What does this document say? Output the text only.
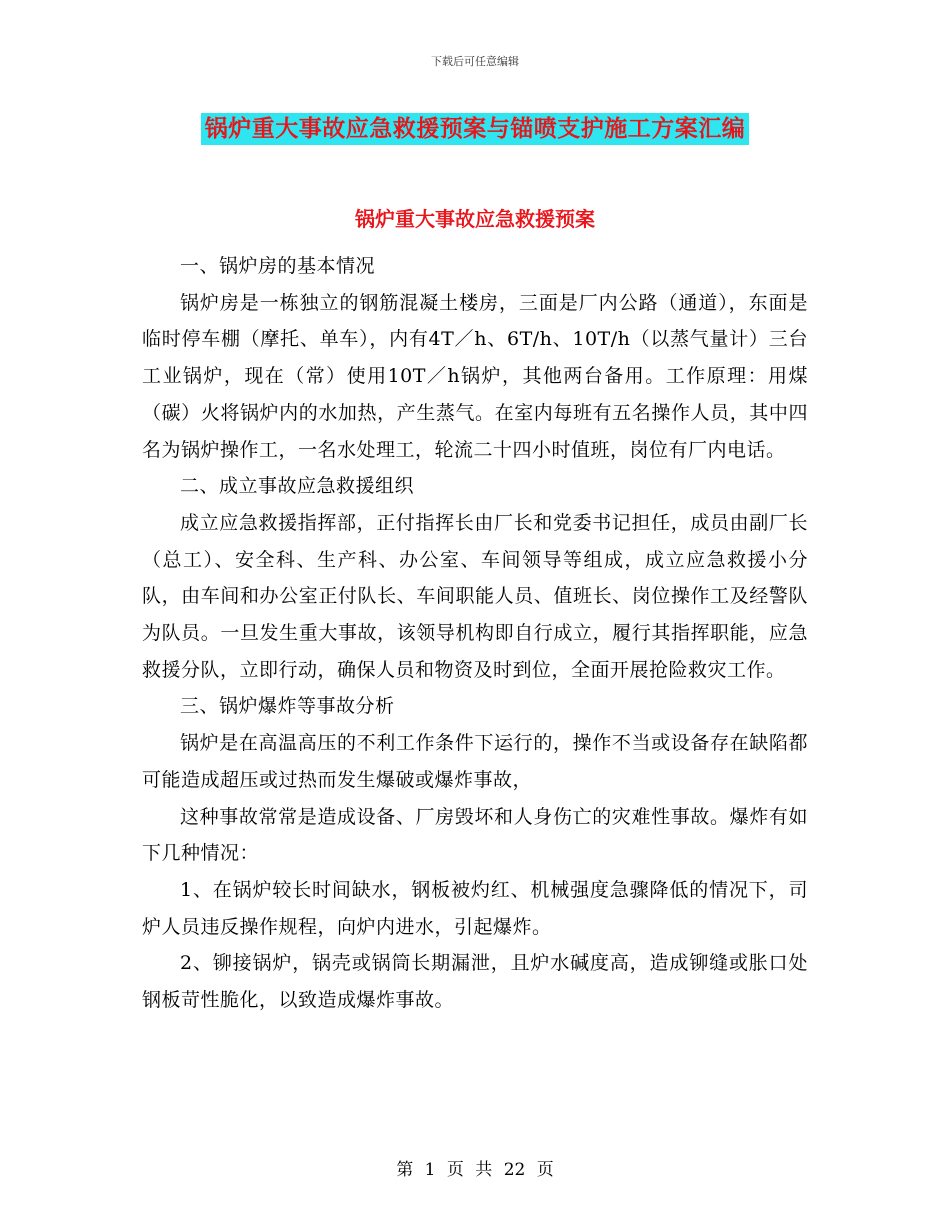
下载后可任意编辑
锅炉重大事故应急救援预案与锚喷支护施工方案汇编
锅炉重大事故应急救援预案

一、锅炉房的基本情况

锅炉房是一栋独立的钢筋混凝土楼房，三面是厂内公路（通道），东面是临时停车棚（摩托、单车），内有4T／h、6T/h、10T/h（以蒸气量计）三台工业锅炉，现在（常）使用10T／h锅炉，其他两台备用。工作原理：用煤（碳）火将锅炉内的水加热，产生蒸气。在室内每班有五名操作人员，其中四名为锅炉操作工，一名水处理工，轮流二十四小时值班，岗位有厂内电话。

二、成立事故应急救援组织

成立应急救援指挥部，正付指挥长由厂长和党委书记担任，成员由副厂长（总工）、安全科、生产科、办公室、车间领导等组成，成立应急救援小分队，由车间和办公室正付队长、车间职能人员、值班长、岗位操作工及经警队为队员。一旦发生重大事故，该领导机构即自行成立，履行其指挥职能，应急救援分队，立即行动，确保人员和物资及时到位，全面开展抢险救灾工作。

三、锅炉爆炸等事故分析

锅炉是在高温高压的不利工作条件下运行的，操作不当或设备存在缺陷都可能造成超压或过热而发生爆破或爆炸事故，

这种事故常常是造成设备、厂房毁坏和人身伤亡的灾难性事故。爆炸有如下几种情况：

1、在锅炉较长时间缺水，钢板被灼红、机械强度急骤降低的情况下，司炉人员违反操作规程，向炉内进水，引起爆炸。

2、铆接锅炉，锅壳或锅筒长期漏泄，且炉水碱度高，造成铆缝或胀口处钢板苛性脆化，以致造成爆炸事故。

第 1 页 共 22 页
